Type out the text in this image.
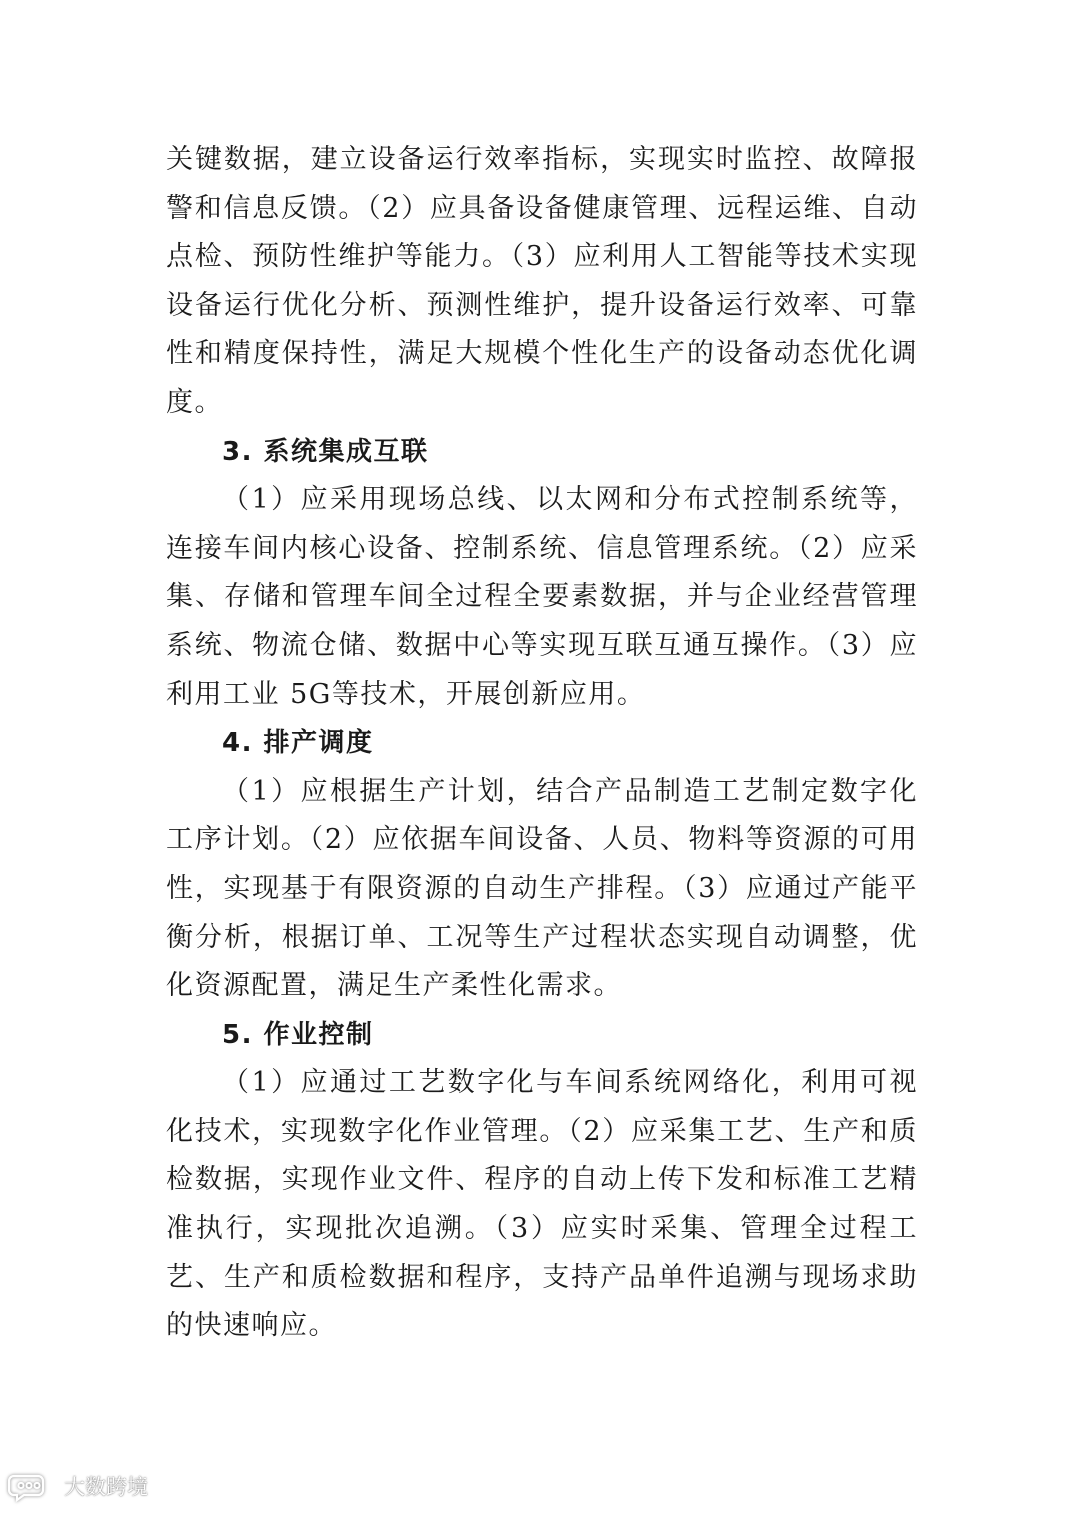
关键数据，建立设备运行效率指标，实现实时监控、故障报警和信息反馈。（2）应具备设备健康管理、远程运维、自动点检、预防性维护等能力。（3）应利用人工智能等技术实现设备运行优化分析、预测性维护，提升设备运行效率、可靠性和精度保持性，满足大规模个性化生产的设备动态优化调度。

3. 系统集成互联

（1）应采用现场总线、以太网和分布式控制系统等，连接车间内核心设备、控制系统、信息管理系统。（2）应采集、存储和管理车间全过程全要素数据，并与企业经营管理系统、物流仓储、数据中心等实现互联互通互操作。（3）应利用工业 5G等技术，开展创新应用。

4. 排产调度

（1）应根据生产计划，结合产品制造工艺制定数字化工序计划。（2）应依据车间设备、人员、物料等资源的可用性，实现基于有限资源的自动生产排程。（3）应通过产能平衡分析，根据订单、工况等生产过程状态实现自动调整，优化资源配置，满足生产柔性化需求。

5. 作业控制

（1）应通过工艺数字化与车间系统网络化，利用可视化技术，实现数字化作业管理。（2）应采集工艺、生产和质检数据，实现作业文件、程序的自动上传下发和标准工艺精准执行，实现批次追溯。（3）应实时采集、管理全过程工艺、生产和质检数据和程序，支持产品单件追溯与现场求助的快速响应。

大数跨境
